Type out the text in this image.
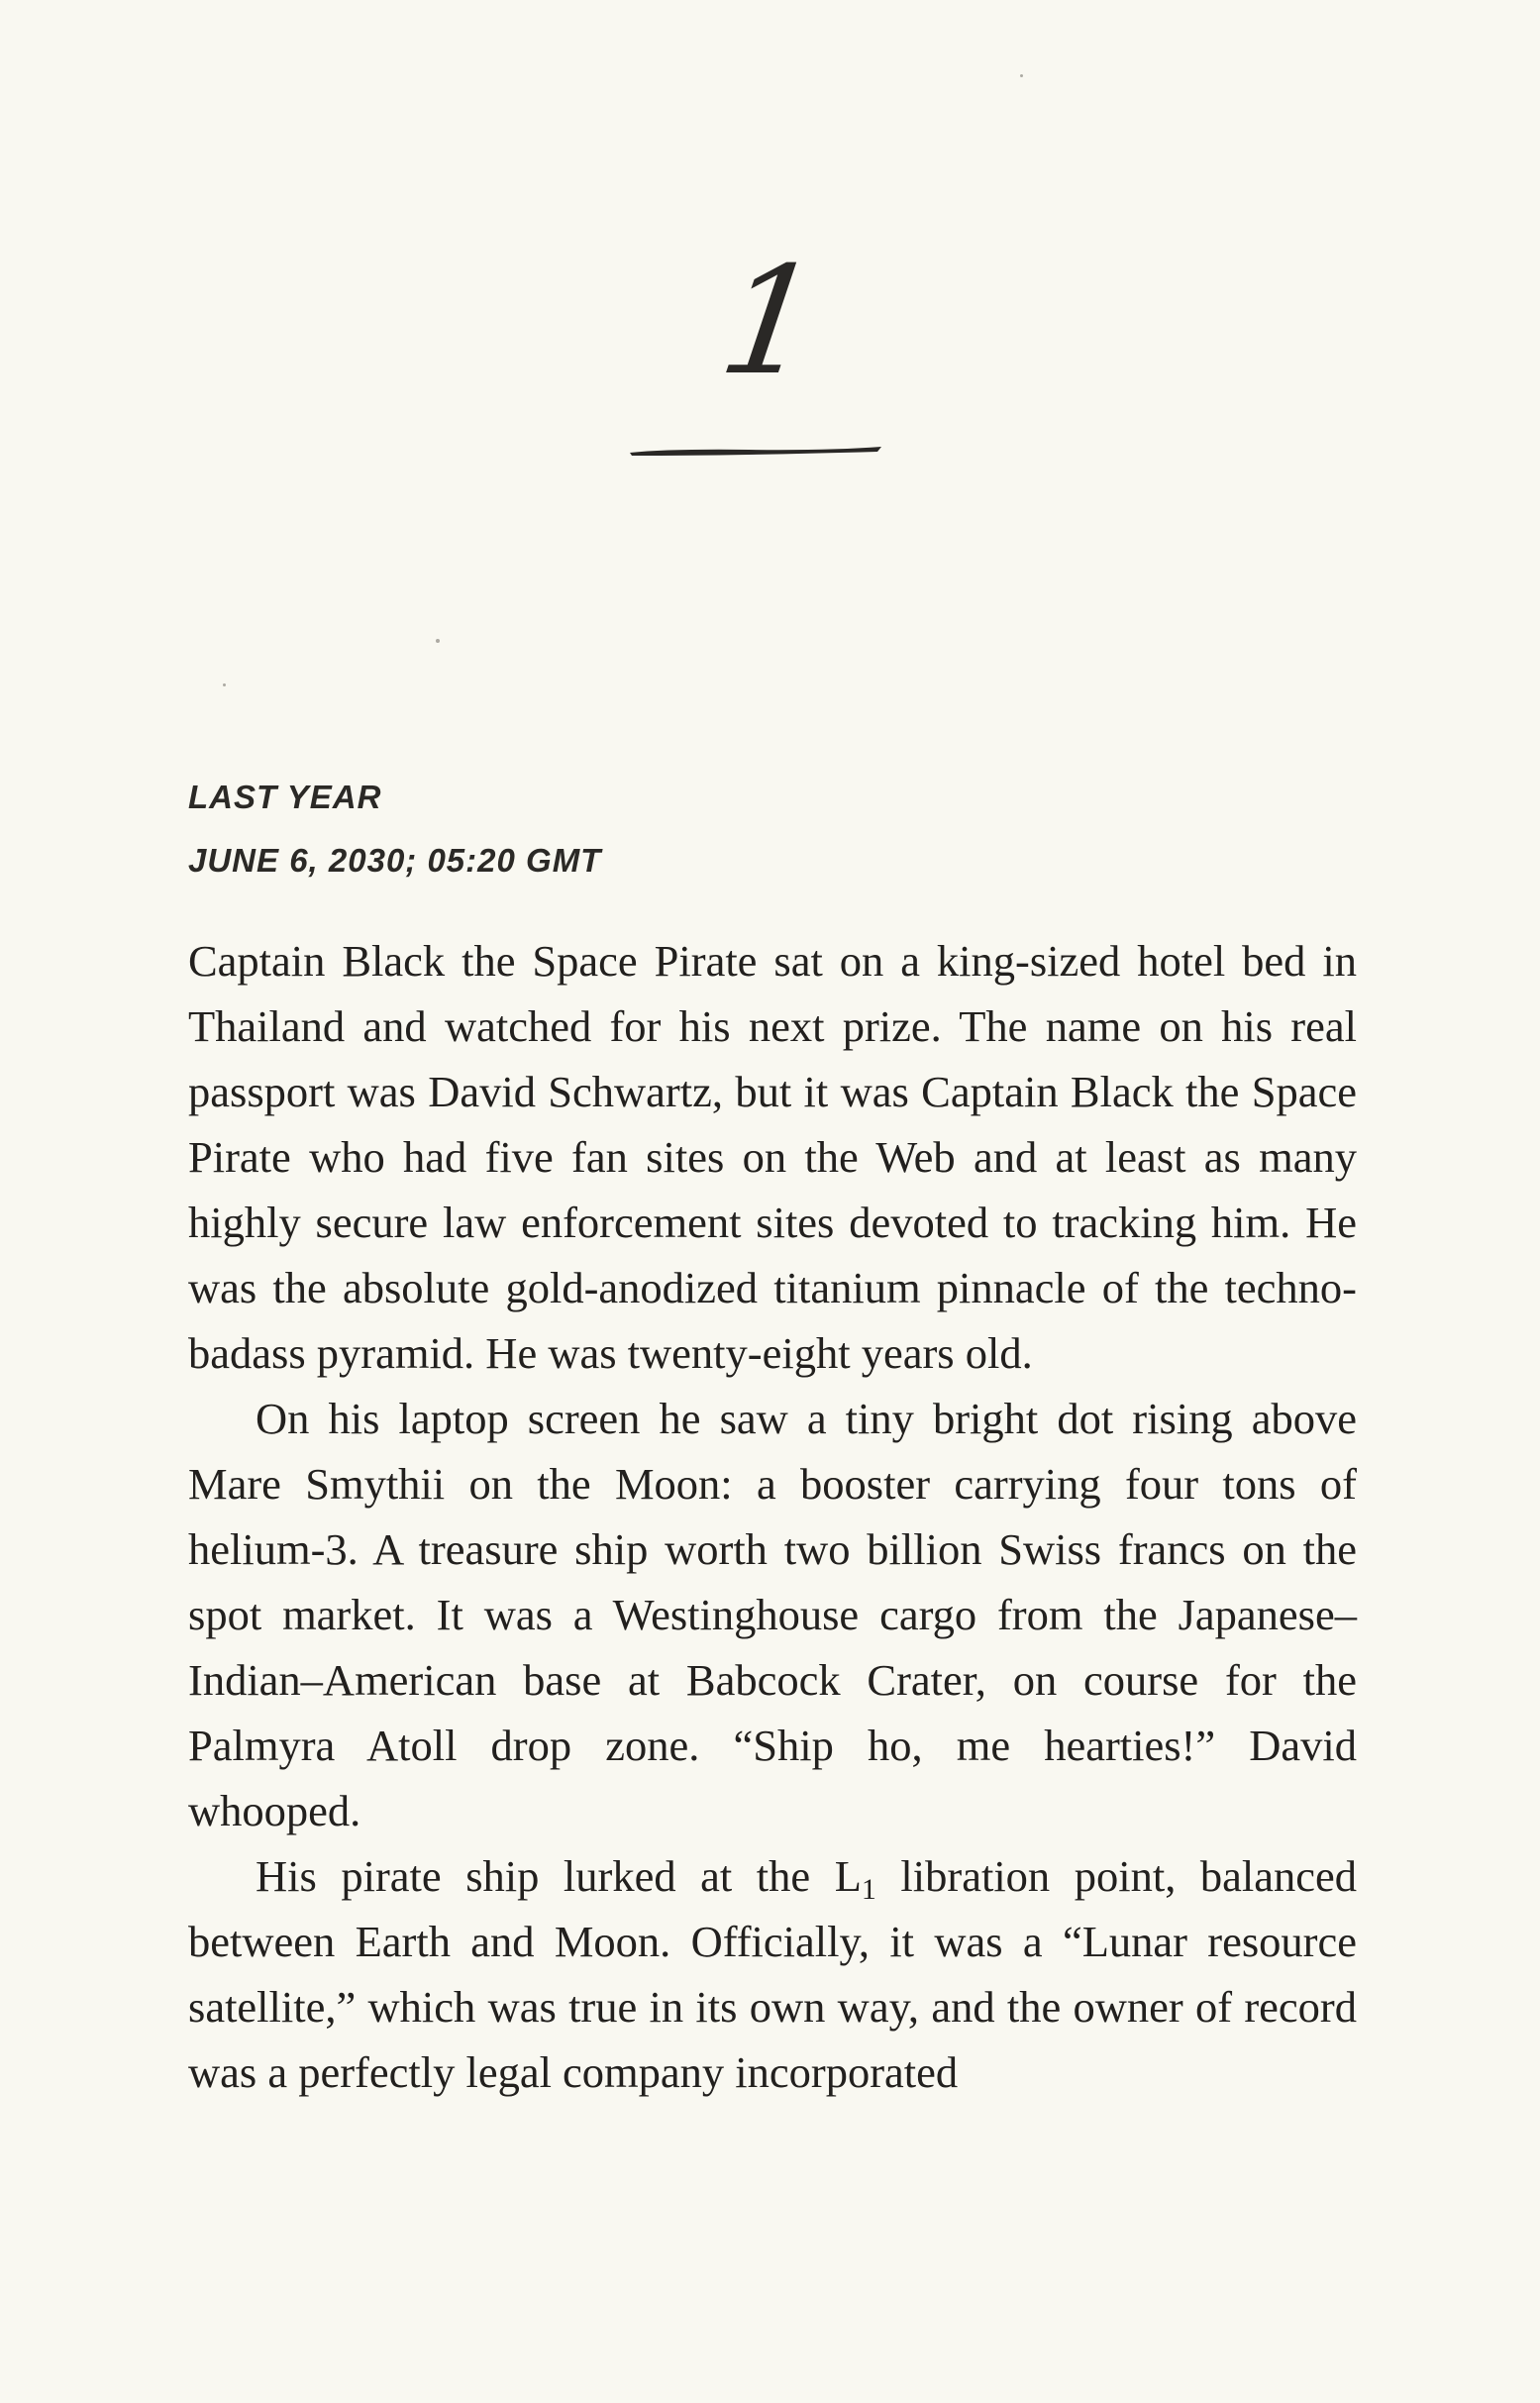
1
LAST YEAR
JUNE 6, 2030; 05:20 GMT

Captain Black the Space Pirate sat on a king-sized hotel bed in Thailand and watched for his next prize. The name on his real passport was David Schwartz, but it was Captain Black the Space Pirate who had five fan sites on the Web and at least as many highly secure law enforcement sites devoted to tracking him. He was the absolute gold-anodized titanium pinnacle of the techno-badass pyramid. He was twenty-eight years old.

On his laptop screen he saw a tiny bright dot rising above Mare Smythii on the Moon: a booster carrying four tons of helium-3. A treasure ship worth two billion Swiss francs on the spot market. It was a Westinghouse cargo from the Japanese–Indian–American base at Babcock Crater, on course for the Palmyra Atoll drop zone. “Ship ho, me hearties!” David whooped.

His pirate ship lurked at the $L_1$ libration point, balanced between Earth and Moon. Officially, it was a “Lunar resource satellite,” which was true in its own way, and the owner of record was a perfectly legal company incorporated
